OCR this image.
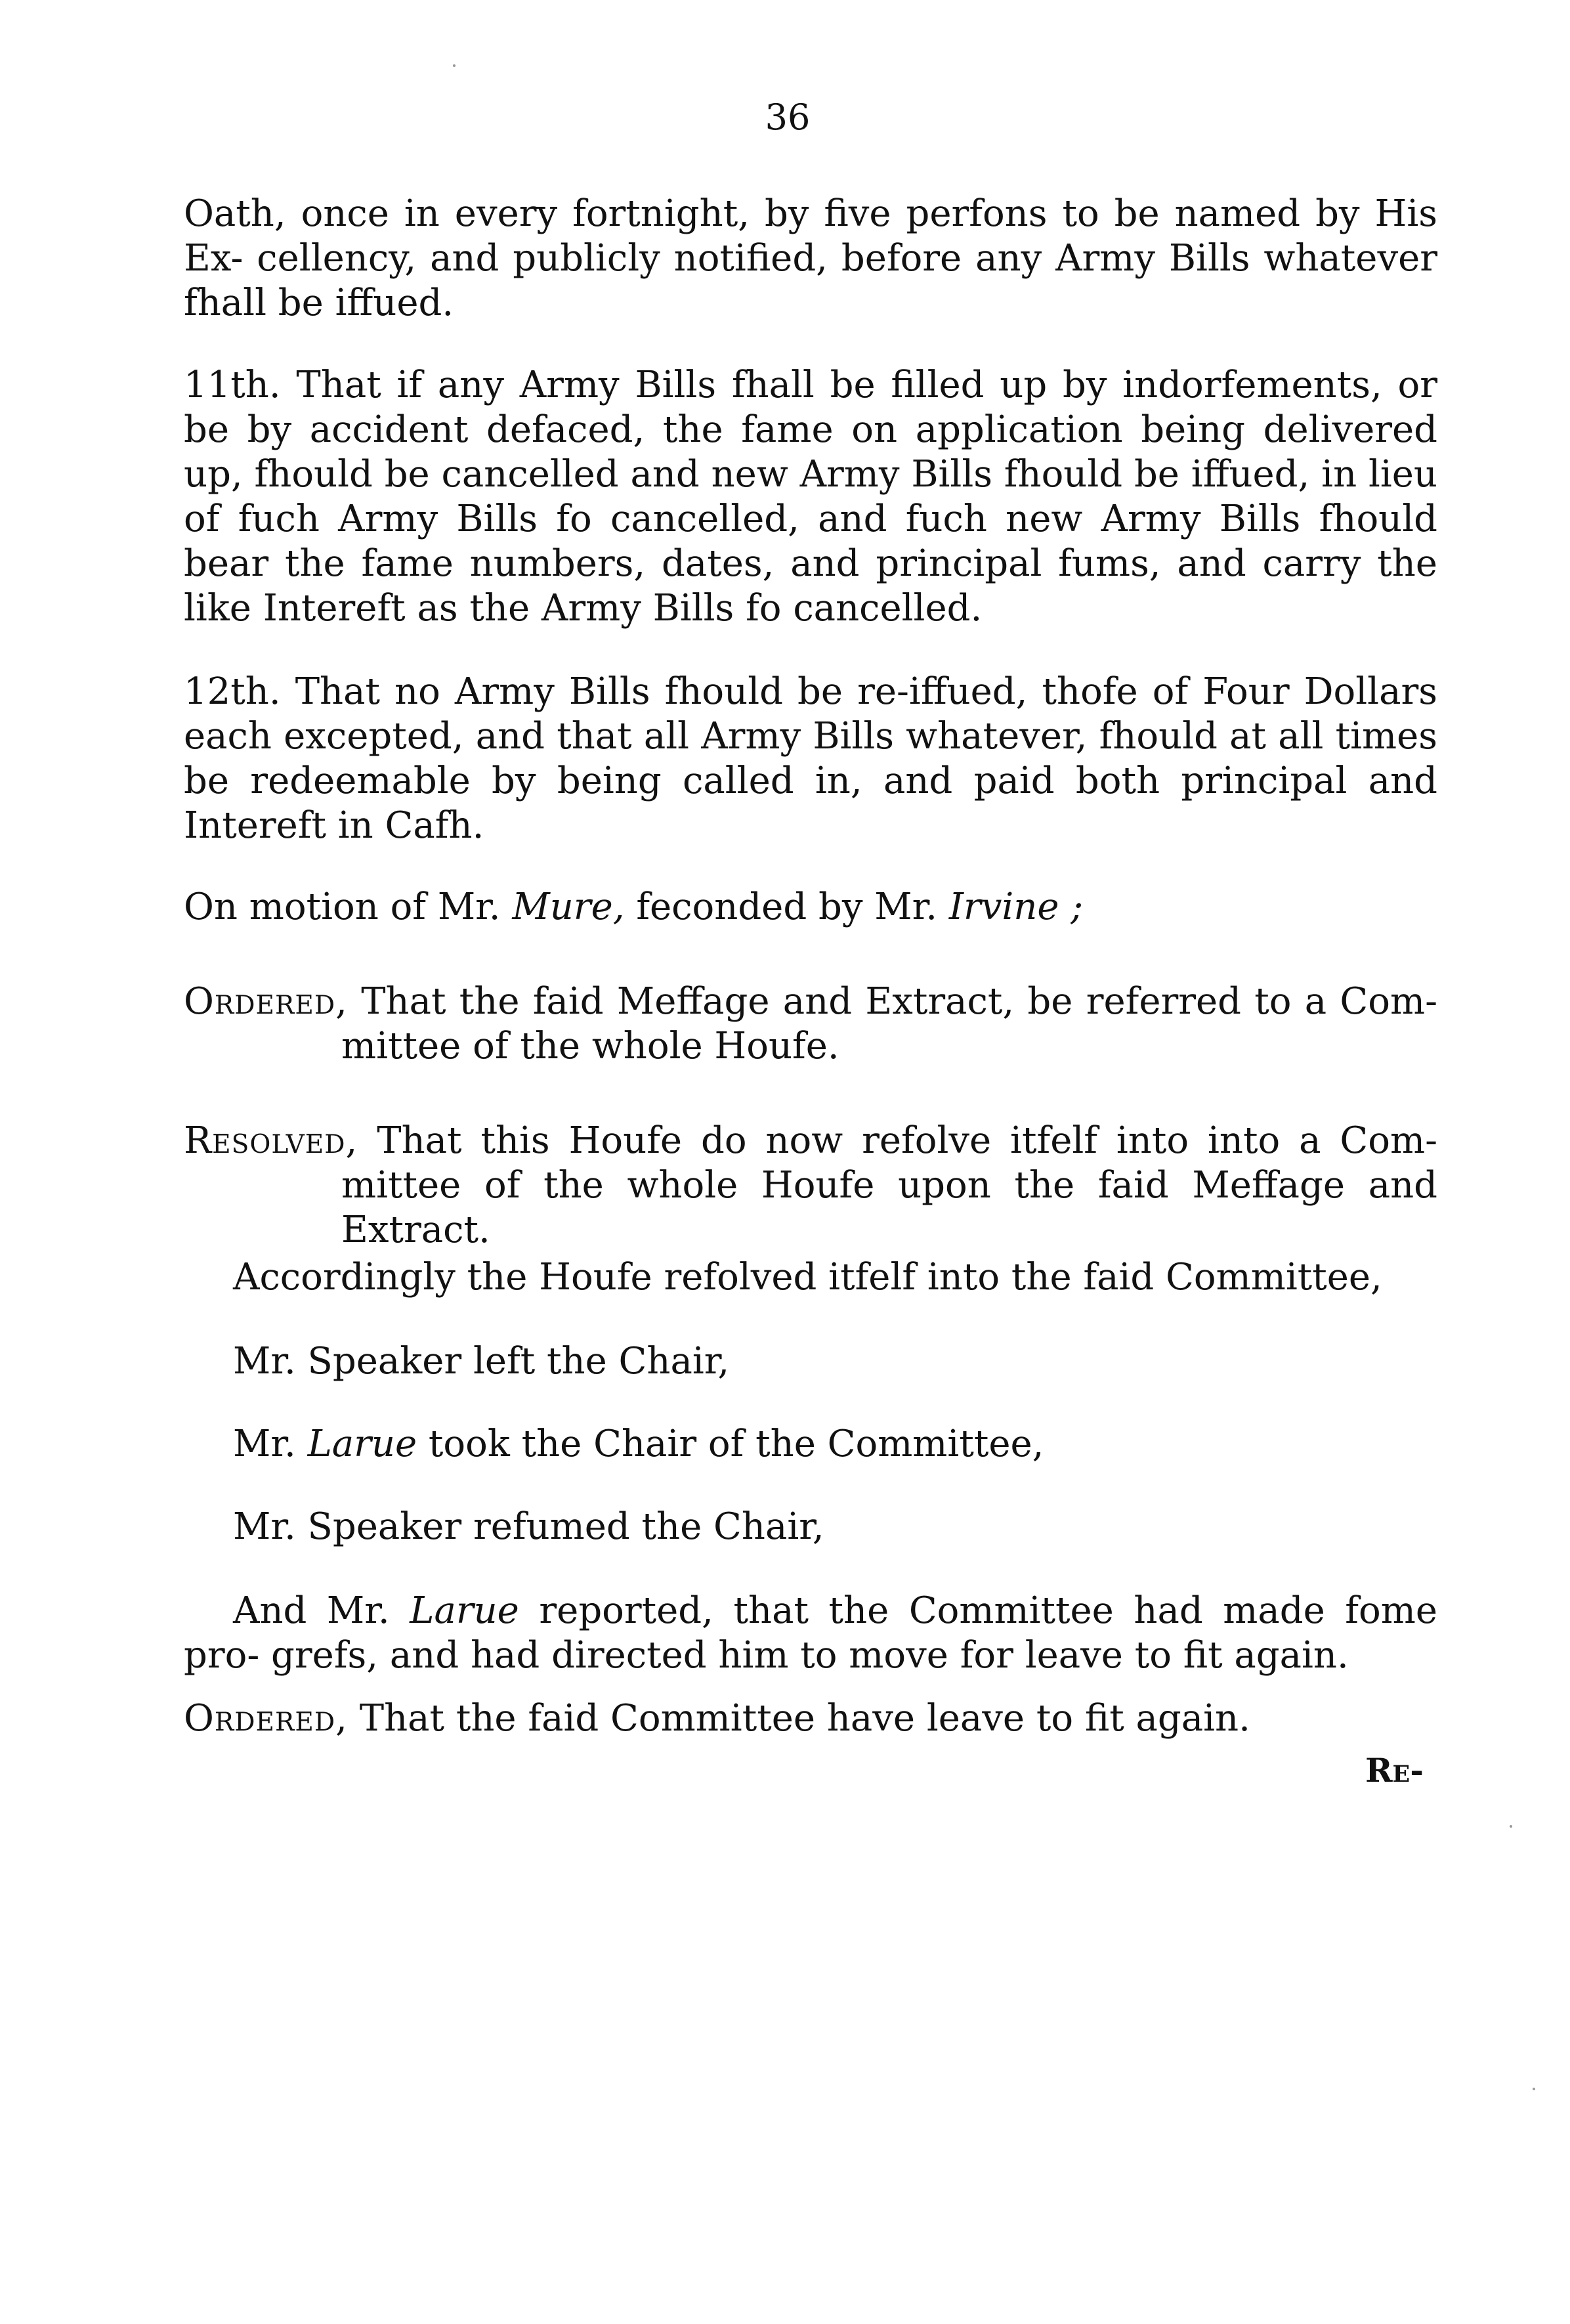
36
Oath, once in every fortnight, by five perfons to be named by His Ex- cellency, and publicly notified, before any Army Bills whatever fhall be iffued.
11th. That if any Army Bills fhall be filled up by indorfements, or be by accident defaced, the fame on application being delivered up, fhould be cancelled and new Army Bills fhould be iffued, in lieu of fuch Army Bills fo cancelled, and fuch new Army Bills fhould bear the fame numbers, dates, and principal fums, and carry the like Intereft as the Army Bills fo cancelled.
12th. That no Army Bills fhould be re-iffued, thofe of Four Dollars each excepted, and that all Army Bills whatever, fhould at all times be redeemable by being called in, and paid both principal and Intereft in Cafh.
On motion of Mr. Mure, feconded by Mr. Irvine ;
Ordered, That the faid Meffage and Extract, be referred to a Com- mittee of the whole Houfe.
Resolved, That this Houfe do now refolve itfelf into into a Com- mittee of the whole Houfe upon the faid Meffage and Extract.
Accordingly the Houfe refolved itfelf into the faid Committee,
Mr. Speaker left the Chair,
Mr. Larue took the Chair of the Committee,
Mr. Speaker refumed the Chair,
And Mr. Larue reported, that the Committee had made fome pro- grefs, and had directed him to move for leave to fit again.
Ordered, That the faid Committee have leave to fit again.
Re-
